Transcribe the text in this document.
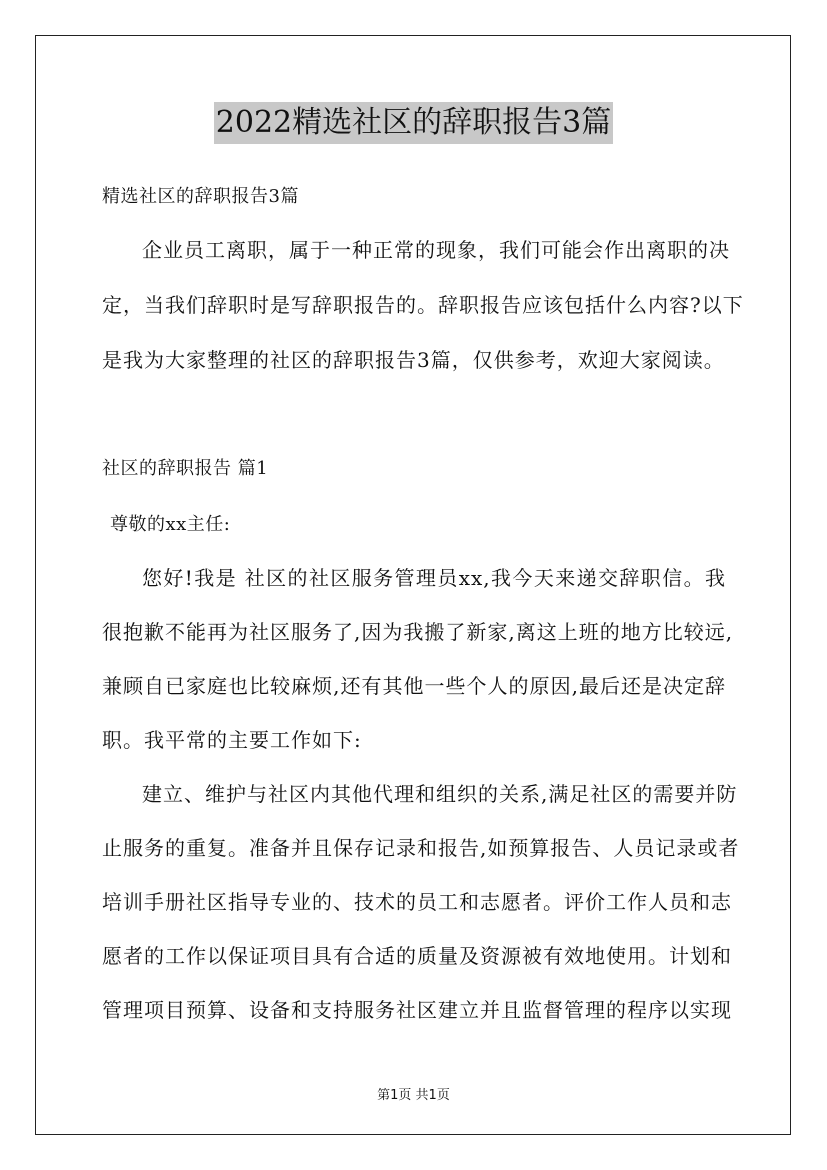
2022精选社区的辞职报告3篇
精选社区的辞职报告3篇
企业员工离职，属于一种正常的现象，我们可能会作出离职的决
定，当我们辞职时是写辞职报告的。辞职报告应该包括什么内容?以下
是我为大家整理的社区的辞职报告3篇，仅供参考，欢迎大家阅读。
社区的辞职报告 篇1
尊敬的xx主任:
您好!我是 社区的社区服务管理员xx,我今天来递交辞职信。我
很抱歉不能再为社区服务了,因为我搬了新家,离这上班的地方比较远,
兼顾自已家庭也比较麻烦,还有其他一些个人的原因,最后还是决定辞
职。我平常的主要工作如下:
建立、维护与社区内其他代理和组织的关系,满足社区的需要并防
止服务的重复。准备并且保存记录和报告,如预算报告、人员记录或者
培训手册社区指导专业的、技术的员工和志愿者。评价工作人员和志
愿者的工作以保证项目具有合适的质量及资源被有效地使用。计划和
管理项目预算、设备和支持服务社区建立并且监督管理的程序以实现
第1页 共1页
